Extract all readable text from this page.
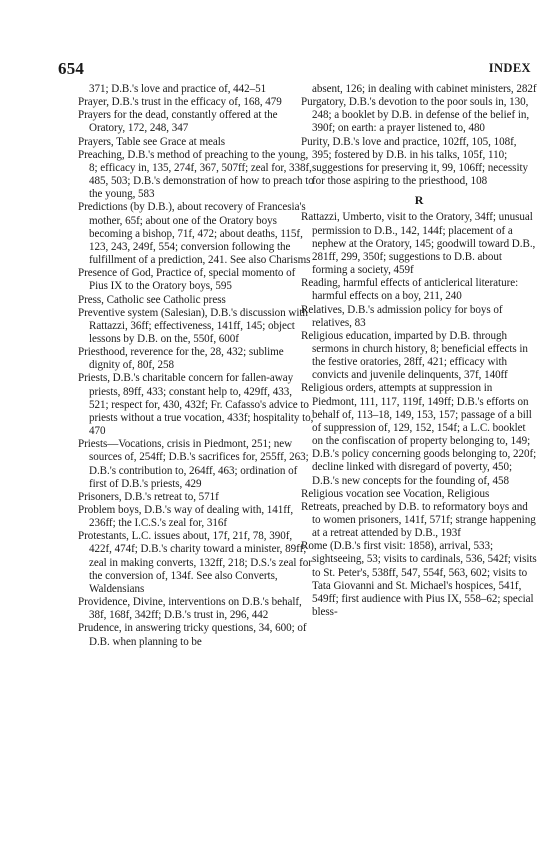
654	INDEX

371; D.B.'s love and practice of, 442–51

Prayer, D.B.'s trust in the efficacy of, 168, 479

Prayers for the dead, constantly offered at the Oratory, 172, 248, 347

Prayers, Table see Grace at meals

Preaching, D.B.'s method of preaching to the young, 8; efficacy in, 135, 274f, 367, 507ff; zeal for, 338f, 485, 503; D.B.'s demonstration of how to preach to the young, 583

Predictions (by D.B.), about recovery of Francesia's mother, 65f; about one of the Oratory boys becoming a bishop, 71f, 472; about deaths, 115f, 123, 243, 249f, 554; conversion following the fulfillment of a prediction, 241. See also Charisms

Presence of God, Practice of, special momento of Pius IX to the Oratory boys, 595

Press, Catholic see Catholic press

Preventive system (Salesian), D.B.'s discussion with Rattazzi, 36ff; effectiveness, 141ff, 145; object lessons by D.B. on the, 550f, 600f

Priesthood, reverence for the, 28, 432; sublime dignity of, 80f, 258

Priests, D.B.'s charitable concern for fallen-away priests, 89ff, 433; constant help to, 429ff, 433, 521; respect for, 430, 432f; Fr. Cafasso's advice to priests without a true vocation, 433f; hospitality to, 470

Priests—Vocations, crisis in Piedmont, 251; new sources of, 254ff; D.B.'s sacrifices for, 255ff, 263; D.B.'s contribution to, 264ff, 463; ordination of first of D.B.'s priests, 429

Prisoners, D.B.'s retreat to, 571f

Problem boys, D.B.'s way of dealing with, 141ff, 236ff; the I.C.S.'s zeal for, 316f

Protestants, L.C. issues about, 17f, 21f, 78, 390f, 422f, 474f; D.B.'s charity toward a minister, 89ff; zeal in making converts, 132ff, 218; D.S.'s zeal for the conversion of, 134f. See also Converts, Waldensians

Providence, Divine, interventions on D.B.'s behalf, 38f, 168f, 342ff; D.B.'s trust in, 296, 442

Prudence, in answering tricky questions, 34, 600; of D.B. when planning to be

absent, 126; in dealing with cabinet ministers, 282f

Purgatory, D.B.'s devotion to the poor souls in, 130, 248; a booklet by D.B. in defense of the belief in, 390f; on earth: a prayer listened to, 480

Purity, D.B.'s love and practice, 102ff, 105, 108f, 395; fostered by D.B. in his talks, 105f, 110; suggestions for preserving it, 99, 106ff; necessity for those aspiring to the priesthood, 108

R

Rattazzi, Umberto, visit to the Oratory, 34ff; unusual permission to D.B., 142, 144f; placement of a nephew at the Oratory, 145; goodwill toward D.B., 281ff, 299, 350f; suggestions to D.B. about forming a society, 459f

Reading, harmful effects of anticlerical literature: harmful effects on a boy, 211, 240

Relatives, D.B.'s admission policy for boys of relatives, 83

Religious education, imparted by D.B. through sermons in church history, 8; beneficial effects in the festive oratories, 28ff, 421; efficacy with convicts and juvenile delinquents, 37f, 140ff

Religious orders, attempts at suppression in Piedmont, 111, 117, 119f, 149ff; D.B.'s efforts on behalf of, 113–18, 149, 153, 157; passage of a bill of suppression of, 129, 152, 154f; a L.C. booklet on the confiscation of property belonging to, 149; D.B.'s policy concerning goods belonging to, 220f; decline linked with disregard of poverty, 450; D.B.'s new concepts for the founding of, 458

Religious vocation see Vocation, Religious

Retreats, preached by D.B. to reformatory boys and to women prisoners, 141f, 571f; strange happening at a retreat attended by D.B., 193f

Rome (D.B.'s first visit: 1858), arrival, 533; sightseeing, 53; visits to cardinals, 536, 542f; visits to St. Peter's, 538ff, 547, 554f, 563, 602; visits to Tata Giovanni and St. Michael's hospices, 541f, 549ff; first audience with Pius IX, 558–62; special bless-
